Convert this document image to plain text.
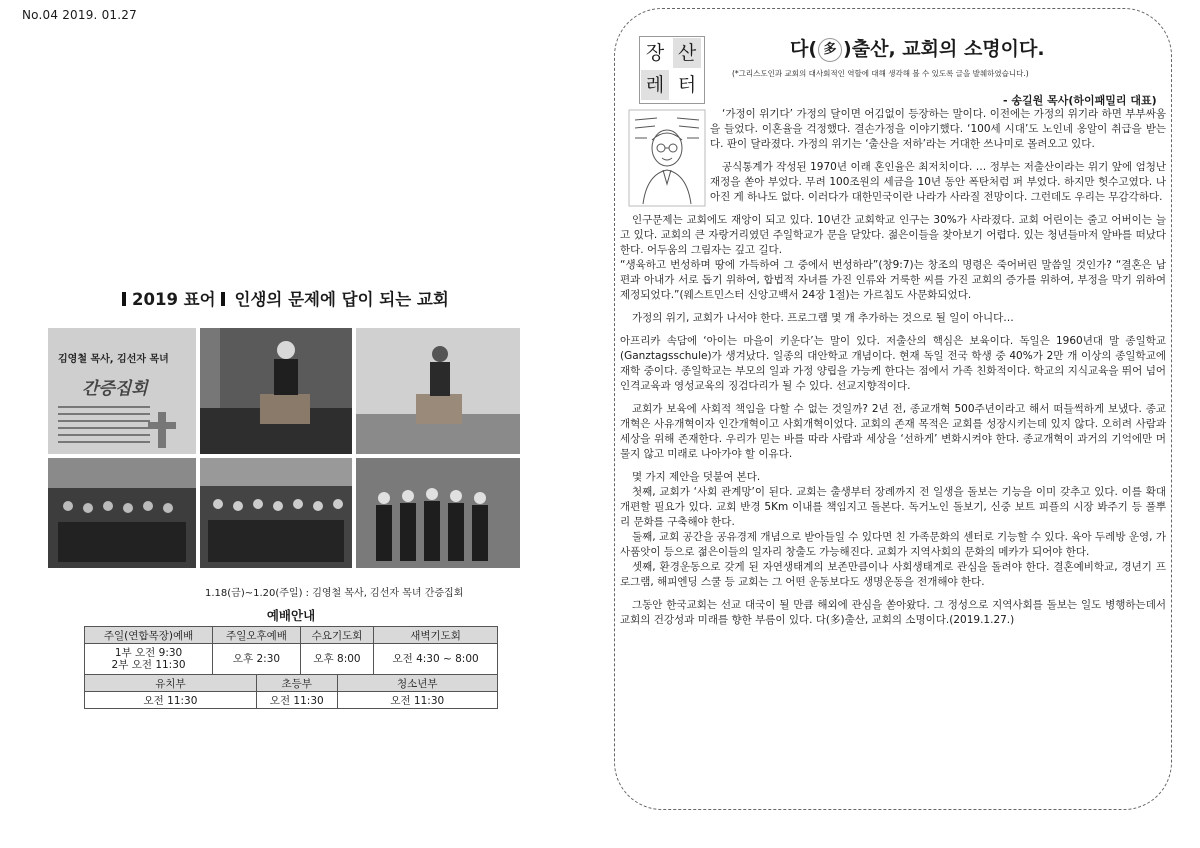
No.04 2019. 01.27
2019 표어 인생의 문제에 답이 되는 교회
김영철 목사, 김선자 목녀
간증집회
1.18(금)~1.20(주일) : 김영철 목사, 김선자 목녀 간증집회
예배안내					
주일(연합목장)예배	주일오후예배		수요기도회		새벽기도회

1부 오전 9:30
2부 오전 11:30	오후 2:30		오후 8:00		오전 4:30 ~ 8:00
유치부		초등부		청소년부	
오전 11:30		오전 11:30		오전 11:30	
장 산
레 터
다( 多 )출산, 교회의 소명이다.
(*그리스도인과 교회의 대사회적인 역할에 대해 생각해 볼 수 있도록 글을 발췌하였습니다.)
- 송길원 목사(하이패밀리 대표)

‘가정이 위기다’ 가정의 달이면 어김없이 등장하는 말이다. 이전에는 가정의 위기라 하면 부부싸움을 들었다. 이혼율을 걱정했다. 결손가정을 이야기했다. ‘100세 시대’도 노인네 옹알이 취급을 받는다. 판이 달라졌다. 가정의 위기는 ‘출산을 저하’라는 거대한 쓰나미로 몰려오고 있다.

공식통계가 작성된 1970년 이래 혼인율은 최저치이다. … 정부는 저출산이라는 위기 앞에 엄청난 재정을 쏟아 부었다. 무려 100조원의 세금을 10년 동안 폭탄처럼 퍼 부었다. 하지만 헛수고였다. 나아진 게 하나도 없다. 이러다가 대한민국이란 나라가 사라질 전망이다. 그런데도 우리는 무감각하다.

인구문제는 교회에도 재앙이 되고 있다. 10년간 교회학교 인구는 30%가 사라졌다. 교회 어린이는 줄고 어버이는 늘고 있다. 교회의 큰 자랑거리였던 주일학교가 문을 닫았다. 젊은이들을 찾아보기 어렵다. 있는 청년들마저 알바를 떠났다 한다. 어두움의 그림자는 깊고 길다.

“생육하고 번성하며 땅에 가득하여 그 중에서 번성하라”(창9:7)는 창조의 명령은 죽어버린 말씀일 것인가? “결혼은 남편과 아내가 서로 돕기 위하여, 합법적 자녀를 가진 인류와 거룩한 씨를 가진 교회의 증가를 위하여, 부정을 막기 위하여 제정되었다.”(웨스트민스터 신앙고백서 24장 1절)는 가르침도 사문화되었다.

가정의 위기, 교회가 나서야 한다. 프로그램 몇 개 추가하는 것으로 될 일이 아니다…

아프리카 속담에 ‘아이는 마을이 키운다’는 말이 있다. 저출산의 핵심은 보육이다. 독일은 1960년대 말 종일학교(Ganztagsschule)가 생겨났다. 일종의 대안학교 개념이다. 현재 독일 전국 학생 중 40%가 2만 개 이상의 종일학교에 재학 중이다. 종일학교는 부모의 일과 가정 양립을 가능케 한다는 점에서 가족 친화적이다. 학교의 지식교육을 뛰어 넘어 인격교육과 영성교육의 징검다리가 될 수 있다. 선교지향적이다.

교회가 보육에 사회적 책임을 다할 수 없는 것일까? 2년 전, 종교개혁 500주년이라고 해서 떠들썩하게 보냈다. 종교개혁은 사유개혁이자 인간개혁이고 사회개혁이었다. 교회의 존재 목적은 교회를 성장시키는데 있지 않다. 오히려 사람과 세상을 위해 존재한다. 우리가 믿는 바를 따라 사람과 세상을 ‘선하게’ 변화시켜야 한다. 종교개혁이 과거의 기억에만 머물지 않고 미래로 나아가야 할 이유다.

몇 가지 제안을 덧붙여 본다.

첫째, 교회가 ‘사회 관계망’이 된다. 교회는 출생부터 장례까지 전 일생을 돌보는 기능을 이미 갖추고 있다. 이를 확대 개편할 필요가 있다. 교회 반경 5Km 이내를 책임지고 돌본다. 독거노인 돌보기, 신중 보트 피플의 시장 봐주기 등 풀뿌리 문화를 구축해야 한다.

둘째, 교회 공간을 공유경제 개념으로 받아들일 수 있다면 친 가족문화의 센터로 기능할 수 있다. 육아 두레방 운영, 가사품앗이 등으로 젊은이들의 일자리 창출도 가능해진다. 교회가 지역사회의 문화의 메카가 되어야 한다.

셋째, 환경운동으로 갖게 된 자연생태계의 보존만큼이나 사회생태계로 관심을 돌려야 한다. 결혼예비학교, 경년기 프로그램, 해피엔딩 스쿨 등 교회는 그 어떤 운동보다도 생명운동을 전개해야 한다.

그동안 한국교회는 선교 대국이 될 만큼 해외에 관심을 쏟아왔다. 그 정성으로 지역사회를 돌보는 일도 병행하는데서 교회의 건강성과 미래를 향한 부름이 있다. 다(多)출산, 교회의 소명이다.(2019.1.27.)
